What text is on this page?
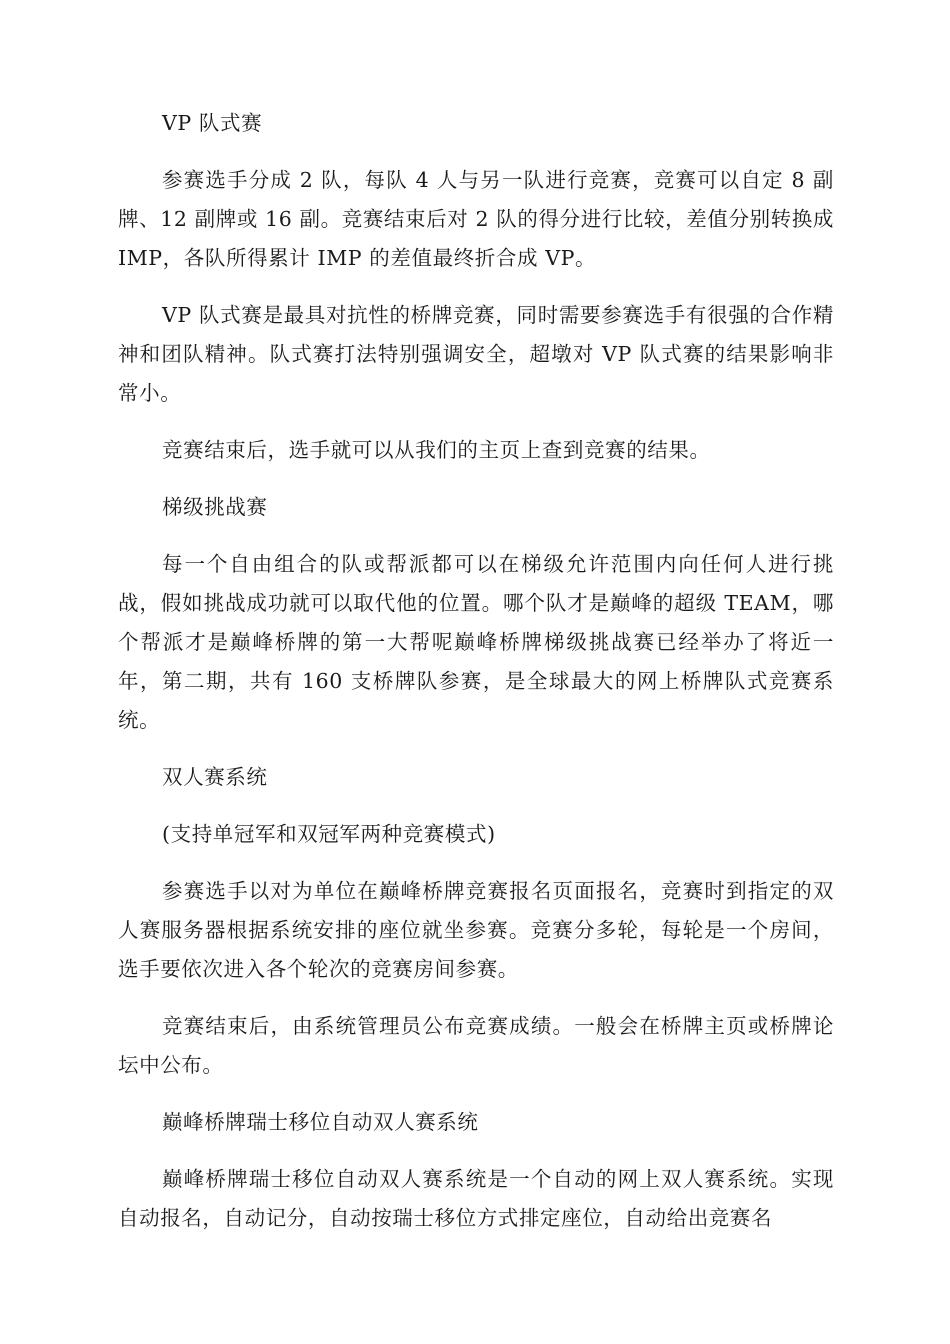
VP 队式赛

参赛选手分成 2 队，每队 4 人与另一队进行竞赛，竞赛可以自定 8 副牌、12 副牌或 16 副。竞赛结束后对 2 队的得分进行比较，差值分别转换成 IMP，各队所得累计 IMP 的差值最终折合成 VP。

VP 队式赛是最具对抗性的桥牌竞赛，同时需要参赛选手有很强的合作精神和团队精神。队式赛打法特别强调安全，超墩对 VP 队式赛的结果影响非常小。

竞赛结束后，选手就可以从我们的主页上查到竞赛的结果。

梯级挑战赛

每一个自由组合的队或帮派都可以在梯级允许范围内向任何人进行挑战，假如挑战成功就可以取代他的位置。哪个队才是巅峰的超级 TEAM，哪个帮派才是巅峰桥牌的第一大帮呢巅峰桥牌梯级挑战赛已经举办了将近一年，第二期，共有 160 支桥牌队参赛，是全球最大的网上桥牌队式竞赛系统。

双人赛系统

(支持单冠军和双冠军两种竞赛模式)

参赛选手以对为单位在巅峰桥牌竞赛报名页面报名，竞赛时到指定的双人赛服务器根据系统安排的座位就坐参赛。竞赛分多轮，每轮是一个房间，选手要依次进入各个轮次的竞赛房间参赛。

竞赛结束后，由系统管理员公布竞赛成绩。一般会在桥牌主页或桥牌论坛中公布。

巅峰桥牌瑞士移位自动双人赛系统

巅峰桥牌瑞士移位自动双人赛系统是一个自动的网上双人赛系统。实现自动报名，自动记分，自动按瑞士移位方式排定座位，自动给出竞赛名
